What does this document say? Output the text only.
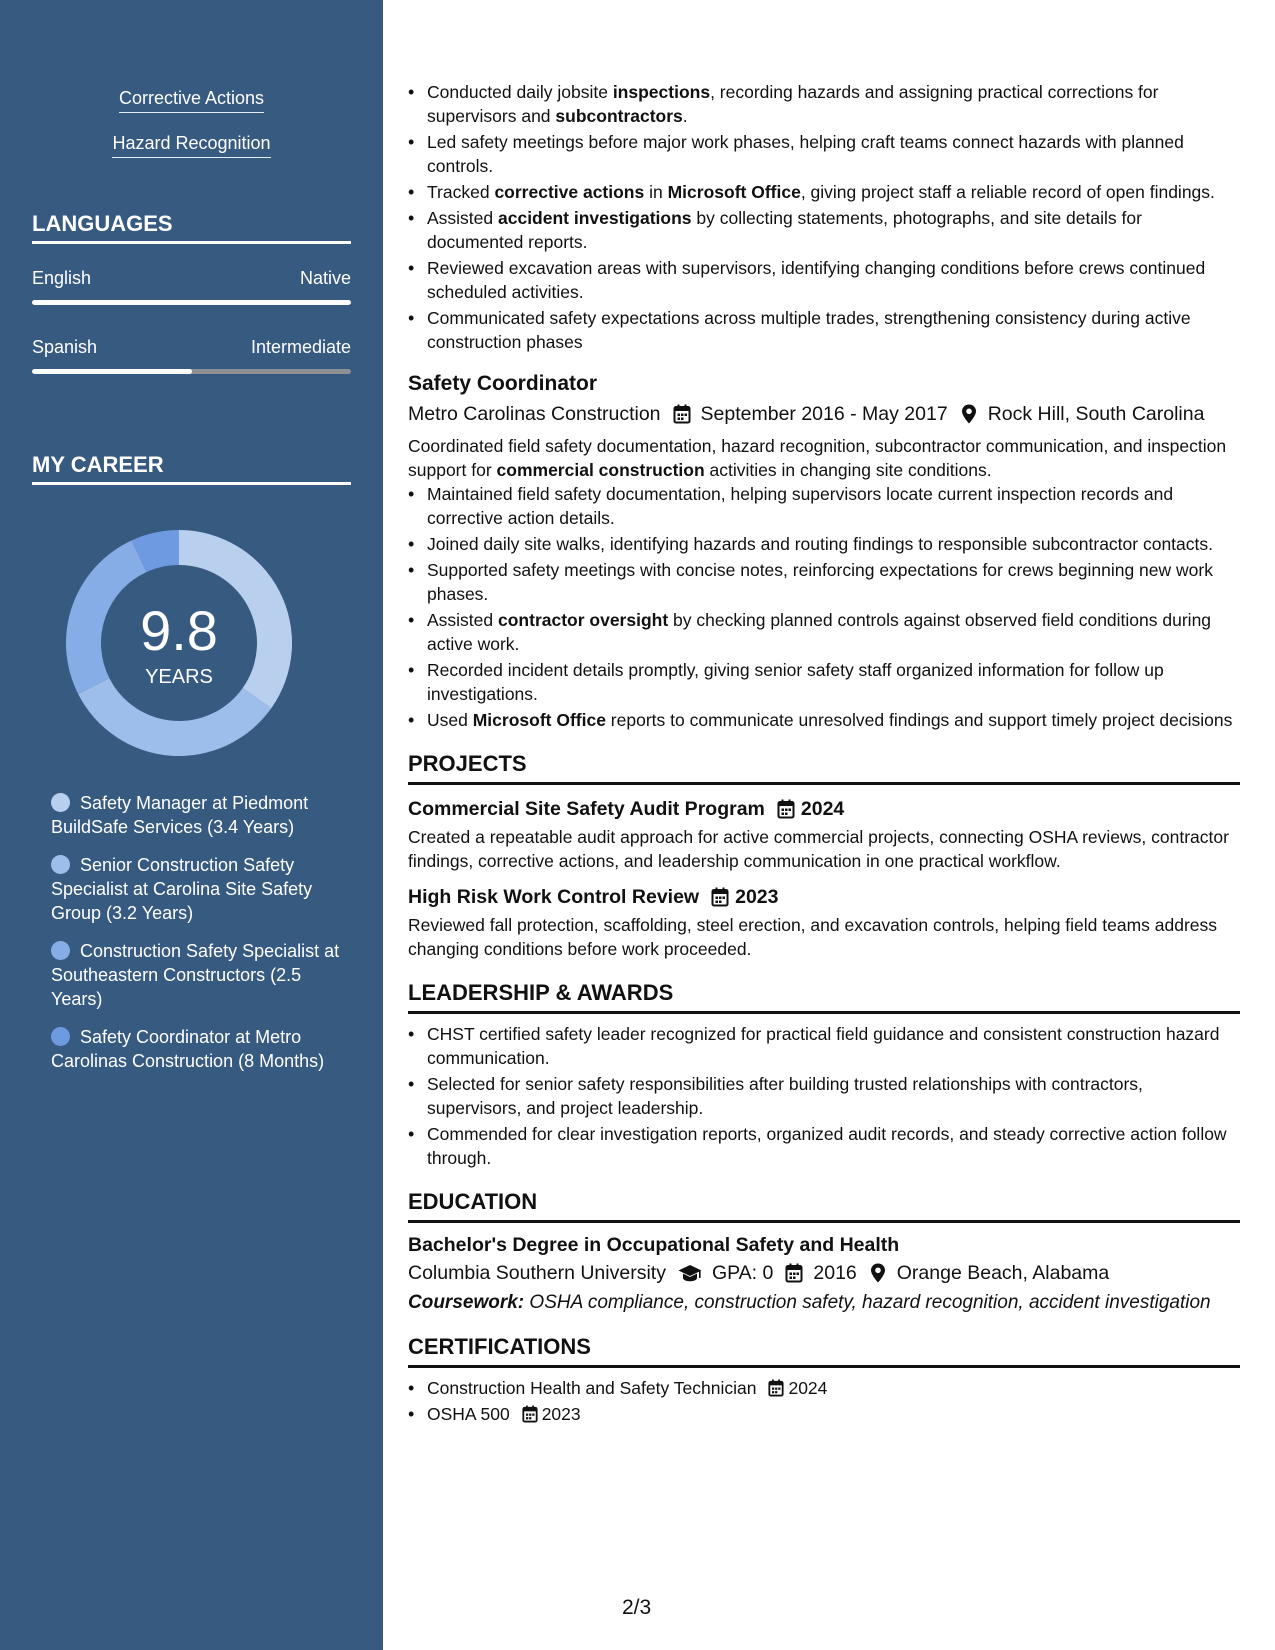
Corrective Actions
Hazard Recognition
LANGUAGES
English	Native
Spanish	Intermediate
MY CAREER
9.8
YEARS
Safety Manager at Piedmont BuildSafe Services (3.4 Years)
Senior Construction Safety Specialist at Carolina Site Safety Group (3.2 Years)
Construction Safety Specialist at Southeastern Constructors (2.5 Years)
Safety Coordinator at Metro Carolinas Construction (8 Months)
• Conducted daily jobsite inspections, recording hazards and assigning practical corrections for supervisors and subcontractors.
• Led safety meetings before major work phases, helping craft teams connect hazards with planned controls.
• Tracked corrective actions in Microsoft Office, giving project staff a reliable record of open findings.
• Assisted accident investigations by collecting statements, photographs, and site details for documented reports.
• Reviewed excavation areas with supervisors, identifying changing conditions before crews continued scheduled activities.
• Communicated safety expectations across multiple trades, strengthening consistency during active construction phases
Safety Coordinator
Metro Carolinas Construction September 2016 - May 2017 Rock Hill, South Carolina
Coordinated field safety documentation, hazard recognition, subcontractor communication, and inspection support for commercial construction activities in changing site conditions.
• Maintained field safety documentation, helping supervisors locate current inspection records and corrective action details.
• Joined daily site walks, identifying hazards and routing findings to responsible subcontractor contacts.
• Supported safety meetings with concise notes, reinforcing expectations for crews beginning new work phases.
• Assisted contractor oversight by checking planned controls against observed field conditions during active work.
• Recorded incident details promptly, giving senior safety staff organized information for follow up investigations.
• Used Microsoft Office reports to communicate unresolved findings and support timely project decisions
PROJECTS
Commercial Site Safety Audit Program 2024
Created a repeatable audit approach for active commercial projects, connecting OSHA reviews, contractor findings, corrective actions, and leadership communication in one practical workflow.
High Risk Work Control Review 2023
Reviewed fall protection, scaffolding, steel erection, and excavation controls, helping field teams address changing conditions before work proceeded.
LEADERSHIP & AWARDS
• CHST certified safety leader recognized for practical field guidance and consistent construction hazard communication.
• Selected for senior safety responsibilities after building trusted relationships with contractors, supervisors, and project leadership.
• Commended for clear investigation reports, organized audit records, and steady corrective action follow through.
EDUCATION
Bachelor's Degree in Occupational Safety and Health
Columbia Southern University GPA: 0 2016 Orange Beach, Alabama
Coursework: OSHA compliance, construction safety, hazard recognition, accident investigation
CERTIFICATIONS
• Construction Health and Safety Technician 2024
• OSHA 500 2023
2/3
